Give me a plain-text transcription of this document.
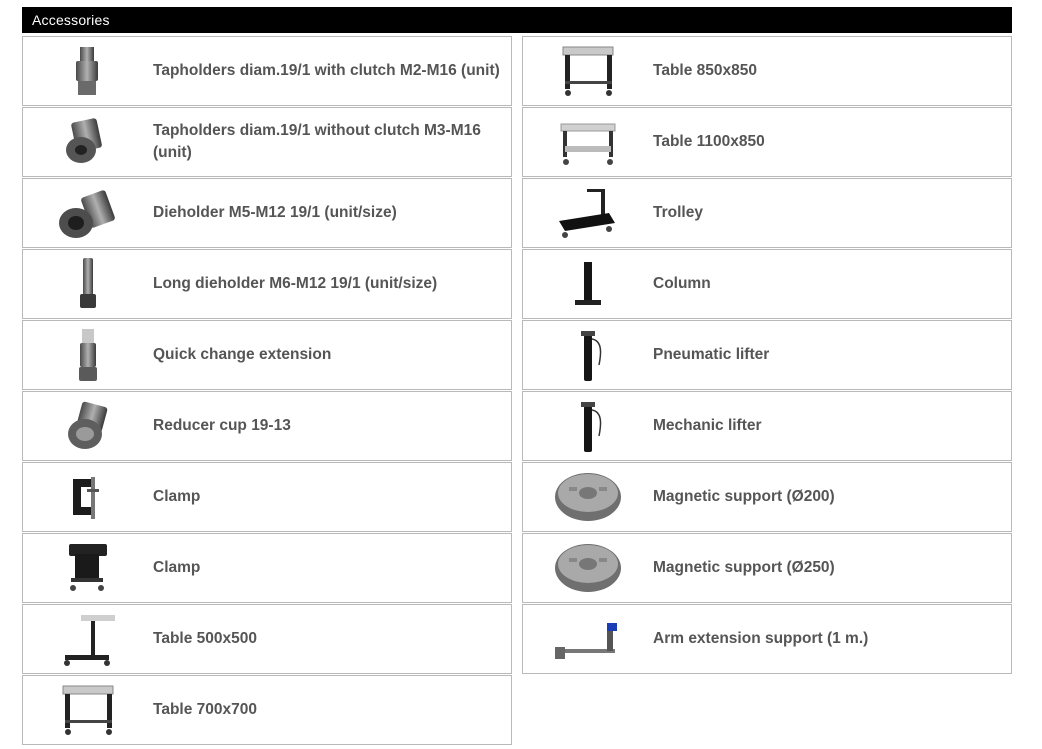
Accessories
Tapholders diam.19/1 with clutch M2-M16 (unit)
Tapholders diam.19/1 without clutch M3-M16 (unit)
Dieholder M5-M12 19/1 (unit/size)
Long dieholder M6-M12 19/1 (unit/size)
Quick change extension
Reducer cup 19-13
Clamp
Clamp
Table 500x500
Table 700x700
Table 850x850
Table 1100x850
Trolley
Column
Pneumatic lifter
Mechanic lifter
Magnetic support (Ø200)
Magnetic support (Ø250)
Arm extension support (1 m.)
